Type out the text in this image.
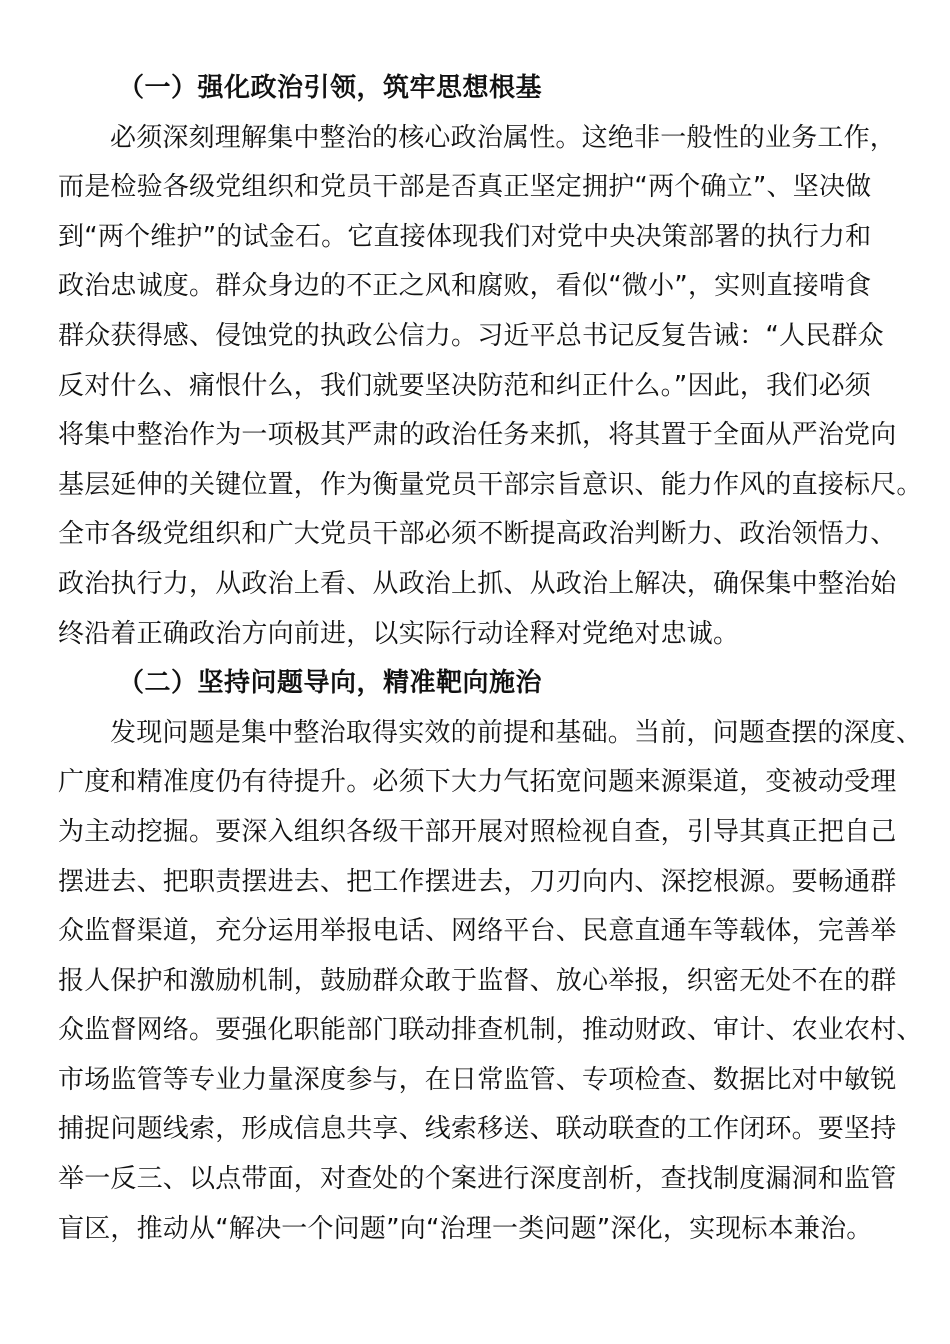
（一）强化政治引领，筑牢思想根基

必须深刻理解集中整治的核心政治属性。这绝非一般性的业务工作，

而是检验各级党组织和党员干部是否真正坚定拥护“两个确立”、坚决做

到“两个维护”的试金石。它直接体现我们对党中央决策部署的执行力和

政治忠诚度。群众身边的不正之风和腐败，看似“微小”，实则直接啃食

群众获得感、侵蚀党的执政公信力。习近平总书记反复告诫：“人民群众

反对什么、痛恨什么，我们就要坚决防范和纠正什么。”因此，我们必须

将集中整治作为一项极其严肃的政治任务来抓，将其置于全面从严治党向

基层延伸的关键位置，作为衡量党员干部宗旨意识、能力作风的直接标尺。

全市各级党组织和广大党员干部必须不断提高政治判断力、政治领悟力、

政治执行力，从政治上看、从政治上抓、从政治上解决，确保集中整治始

终沿着正确政治方向前进，以实际行动诠释对党绝对忠诚。

（二）坚持问题导向，精准靶向施治

发现问题是集中整治取得实效的前提和基础。当前，问题查摆的深度、

广度和精准度仍有待提升。必须下大力气拓宽问题来源渠道，变被动受理

为主动挖掘。要深入组织各级干部开展对照检视自查，引导其真正把自己

摆进去、把职责摆进去、把工作摆进去，刀刃向内、深挖根源。要畅通群

众监督渠道，充分运用举报电话、网络平台、民意直通车等载体，完善举

报人保护和激励机制，鼓励群众敢于监督、放心举报，织密无处不在的群

众监督网络。要强化职能部门联动排查机制，推动财政、审计、农业农村、

市场监管等专业力量深度参与，在日常监管、专项检查、数据比对中敏锐

捕捉问题线索，形成信息共享、线索移送、联动联查的工作闭环。要坚持

举一反三、以点带面，对查处的个案进行深度剖析，查找制度漏洞和监管

盲区，推动从“解决一个问题”向“治理一类问题”深化，实现标本兼治。
